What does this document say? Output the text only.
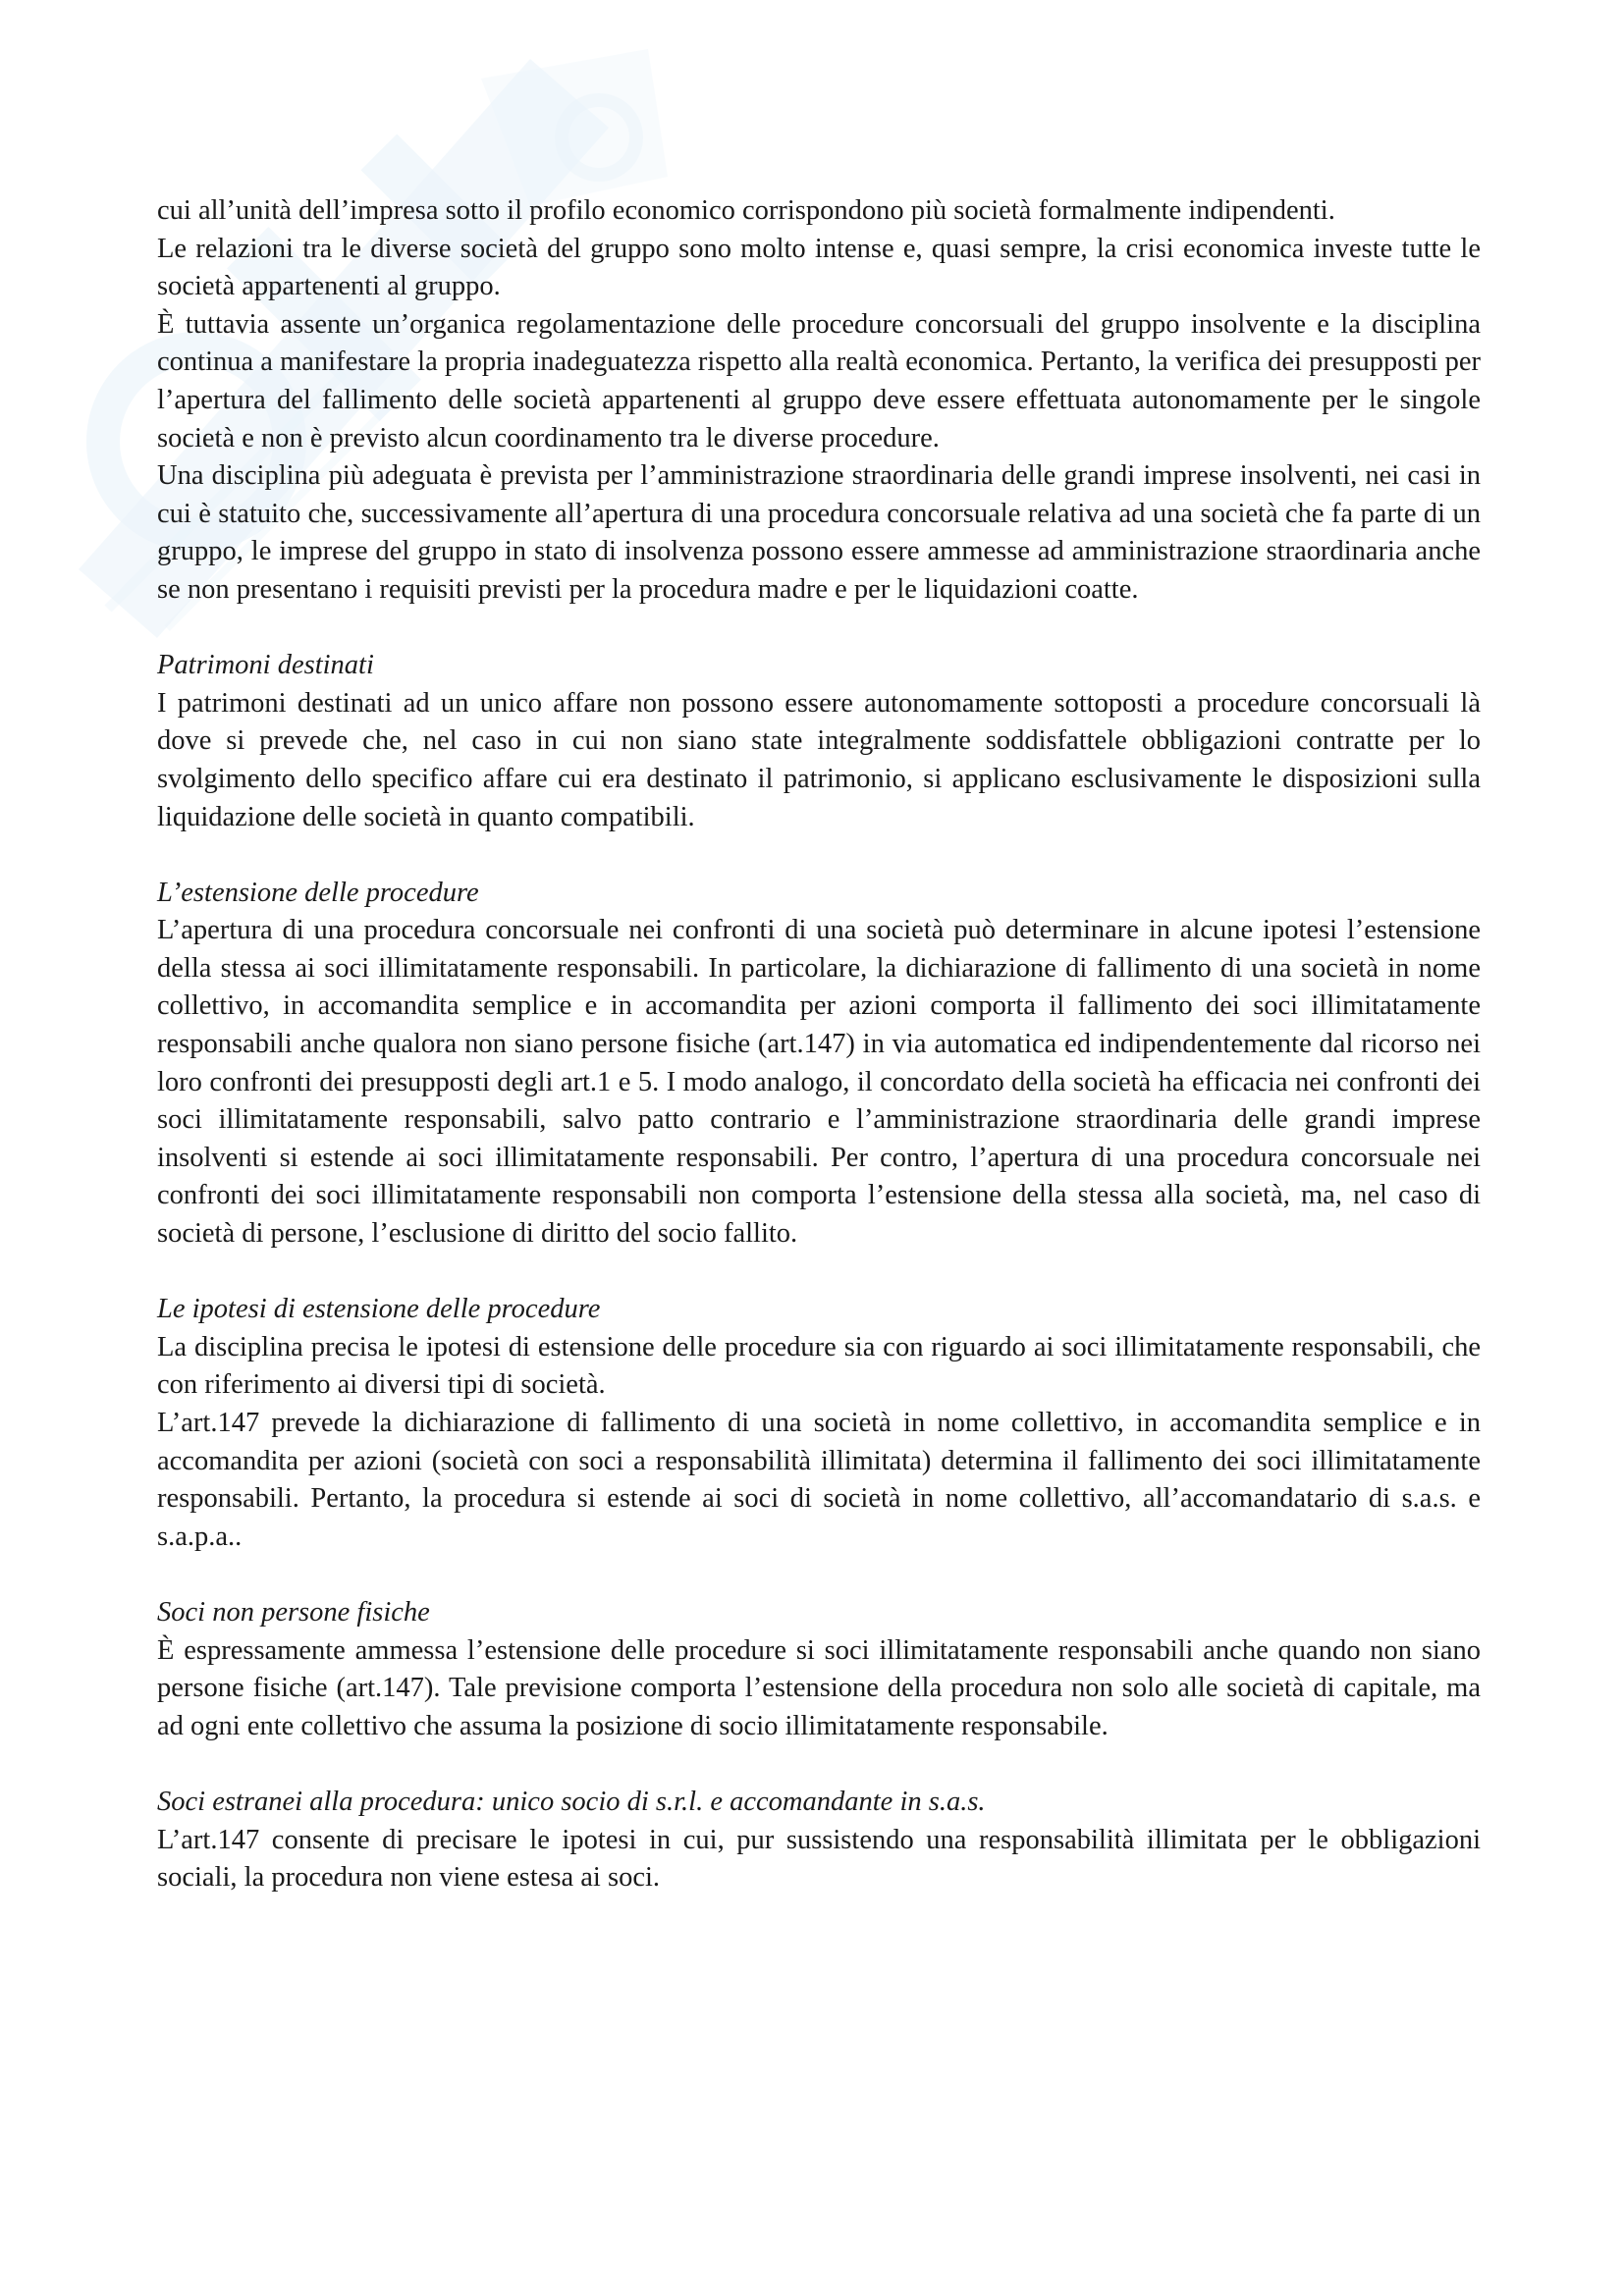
cui all’unità dell’impresa sotto il profilo economico corrispondono più società formalmente indipendenti.

Le relazioni tra le diverse società del gruppo sono molto intense e, quasi sempre, la crisi economica investe tutte le società appartenenti al gruppo.

È tuttavia assente un’organica regolamentazione delle procedure concorsuali del gruppo insolvente e la disciplina continua a manifestare la propria inadeguatezza rispetto alla realtà economica. Pertanto, la verifica dei presupposti per l’apertura del fallimento delle società appartenenti al gruppo deve essere effettuata autonomamente per le singole società e non è previsto alcun coordinamento tra le diverse procedure.

Una disciplina più adeguata è prevista per l’amministrazione straordinaria delle grandi imprese insolventi, nei casi in cui è statuito che, successivamente all’apertura di una procedura concorsuale relativa ad una società che fa parte di un gruppo, le imprese del gruppo in stato di insolvenza possono essere ammesse ad amministrazione straordinaria anche se non presentano i requisiti previsti per la procedura madre e per le liquidazioni coatte.

Patrimoni destinati

I patrimoni destinati ad un unico affare non possono essere autonomamente sottoposti a procedure concorsuali là dove si prevede che, nel caso in cui non siano state integralmente soddisfattele obbligazioni contratte per lo svolgimento dello specifico affare cui era destinato il patrimonio, si applicano esclusivamente le disposizioni sulla liquidazione delle società in quanto compatibili.

L’estensione delle procedure

L’apertura di una procedura concorsuale nei confronti di una società può determinare in alcune ipotesi l’estensione della stessa ai soci illimitatamente responsabili. In particolare, la dichiarazione di fallimento di una società in nome collettivo, in accomandita semplice e in accomandita per azioni comporta il fallimento dei soci illimitatamente responsabili anche qualora non siano persone fisiche (art.147) in via automatica ed indipendentemente dal ricorso nei loro confronti dei presupposti degli art.1 e 5. I modo analogo, il concordato della società ha efficacia nei confronti dei soci illimitatamente responsabili, salvo patto contrario e l’amministrazione straordinaria delle grandi imprese insolventi si estende ai soci illimitatamente responsabili. Per contro, l’apertura di una procedura concorsuale nei confronti dei soci illimitatamente responsabili non comporta l’estensione della stessa alla società, ma, nel caso di società di persone, l’esclusione di diritto del socio fallito.

Le ipotesi di estensione delle procedure

La disciplina precisa le ipotesi di estensione delle procedure sia con riguardo ai soci illimitatamente responsabili, che con riferimento ai diversi tipi di società.

L’art.147 prevede la dichiarazione di fallimento di una società in nome collettivo, in accomandita semplice e in accomandita per azioni (società con soci a responsabilità illimitata) determina il fallimento dei soci illimitatamente responsabili. Pertanto, la procedura si estende ai soci di società in nome collettivo, all’accomandatario di s.a.s. e s.a.p.a..

Soci non persone fisiche

È espressamente ammessa l’estensione delle procedure si soci illimitatamente responsabili anche quando non siano persone fisiche (art.147). Tale previsione comporta l’estensione della procedura non solo alle società di capitale, ma ad ogni ente collettivo che assuma la posizione di socio illimitatamente responsabile.

Soci estranei alla procedura: unico socio di s.r.l. e accomandante in s.a.s.

L’art.147 consente di precisare le ipotesi in cui, pur sussistendo una responsabilità illimitata per le obbligazioni sociali, la procedura non viene estesa ai soci.
